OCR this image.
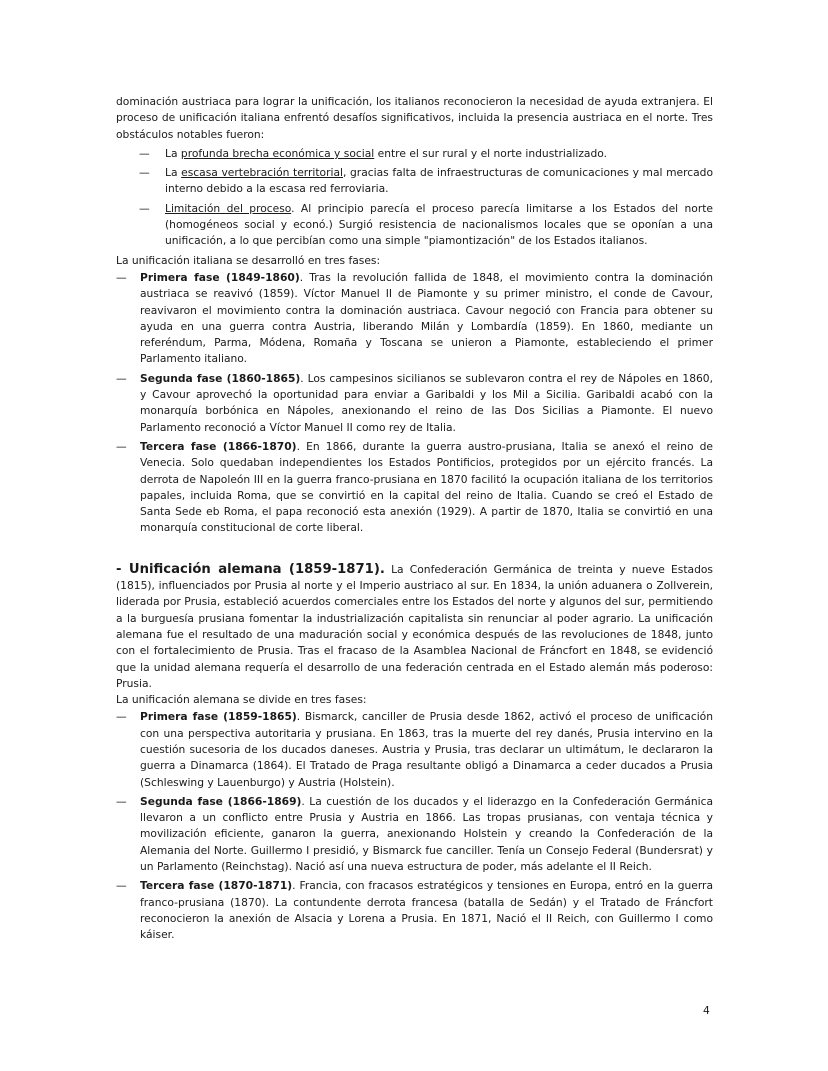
dominación austriaca para lograr la unificación, los italianos reconocieron la necesidad de ayuda extranjera. El proceso de unificación italiana enfrentó desafíos significativos, incluida la presencia austriaca en el norte. Tres obstáculos notables fueron:

— La profunda brecha económica y social entre el sur rural y el norte industrializado.
— La escasa vertebración territorial, gracias falta de infraestructuras de comunicaciones y mal mercado interno debido a la escasa red ferroviaria.
— Limitación del proceso. Al principio parecía el proceso parecía limitarse a los Estados del norte (homogéneos social y econó.) Surgió resistencia de nacionalismos locales que se oponían a una unificación, a lo que percibían como una simple "piamontización" de los Estados italianos.

La unificación italiana se desarrolló en tres fases:

— Primera fase (1849-1860). Tras la revolución fallida de 1848, el movimiento contra la dominación austriaca se reavivó (1859). Víctor Manuel II de Piamonte y su primer ministro, el conde de Cavour, reavivaron el movimiento contra la dominación austriaca. Cavour negoció con Francia para obtener su ayuda en una guerra contra Austria, liberando Milán y Lombardía (1859). En 1860, mediante un referéndum, Parma, Módena, Romaña y Toscana se unieron a Piamonte, estableciendo el primer Parlamento italiano.
— Segunda fase (1860-1865). Los campesinos sicilianos se sublevaron contra el rey de Nápoles en 1860, y Cavour aprovechó la oportunidad para enviar a Garibaldi y los Mil a Sicilia. Garibaldi acabó con la monarquía borbónica en Nápoles, anexionando el reino de las Dos Sicilias a Piamonte. El nuevo Parlamento reconoció a Víctor Manuel II como rey de Italia.
— Tercera fase (1866-1870). En 1866, durante la guerra austro-prusiana, Italia se anexó el reino de Venecia. Solo quedaban independientes los Estados Pontificios, protegidos por un ejército francés. La derrota de Napoleón III en la guerra franco-prusiana en 1870 facilitó la ocupación italiana de los territorios papales, incluida Roma, que se convirtió en la capital del reino de Italia. Cuando se creó el Estado de Santa Sede eb Roma, el papa reconoció esta anexión (1929). A partir de 1870, Italia se convirtió en una monarquía constitucional de corte liberal.

- Unificación alemana (1859-1871). La Confederación Germánica de treinta y nueve Estados (1815), influenciados por Prusia al norte y el Imperio austriaco al sur. En 1834, la unión aduanera o Zollverein, liderada por Prusia, estableció acuerdos comerciales entre los Estados del norte y algunos del sur, permitiendo a la burguesía prusiana fomentar la industrialización capitalista sin renunciar al poder agrario. La unificación alemana fue el resultado de una maduración social y económica después de las revoluciones de 1848, junto con el fortalecimiento de Prusia. Tras el fracaso de la Asamblea Nacional de Fráncfort en 1848, se evidenció que la unidad alemana requería el desarrollo de una federación centrada en el Estado alemán más poderoso: Prusia.

La unificación alemana se divide en tres fases:

— Primera fase (1859-1865). Bismarck, canciller de Prusia desde 1862, activó el proceso de unificación con una perspectiva autoritaria y prusiana. En 1863, tras la muerte del rey danés, Prusia intervino en la cuestión sucesoria de los ducados daneses. Austria y Prusia, tras declarar un ultimátum, le declararon la guerra a Dinamarca (1864). El Tratado de Praga resultante obligó a Dinamarca a ceder ducados a Prusia (Schleswing y Lauenburgo) y Austria (Holstein).
— Segunda fase (1866-1869). La cuestión de los ducados y el liderazgo en la Confederación Germánica llevaron a un conflicto entre Prusia y Austria en 1866. Las tropas prusianas, con ventaja técnica y movilización eficiente, ganaron la guerra, anexionando Holstein y creando la Confederación de la Alemania del Norte. Guillermo I presidió, y Bismarck fue canciller. Tenía un Consejo Federal (Bundersrat) y un Parlamento (Reinchstag). Nació así una nueva estructura de poder, más adelante el II Reich.
— Tercera fase (1870-1871). Francia, con fracasos estratégicos y tensiones en Europa, entró en la guerra franco-prusiana (1870). La contundente derrota francesa (batalla de Sedán) y el Tratado de Fráncfort reconocieron la anexión de Alsacia y Lorena a Prusia. En 1871, Nació el II Reich, con Guillermo I como káiser.
4
